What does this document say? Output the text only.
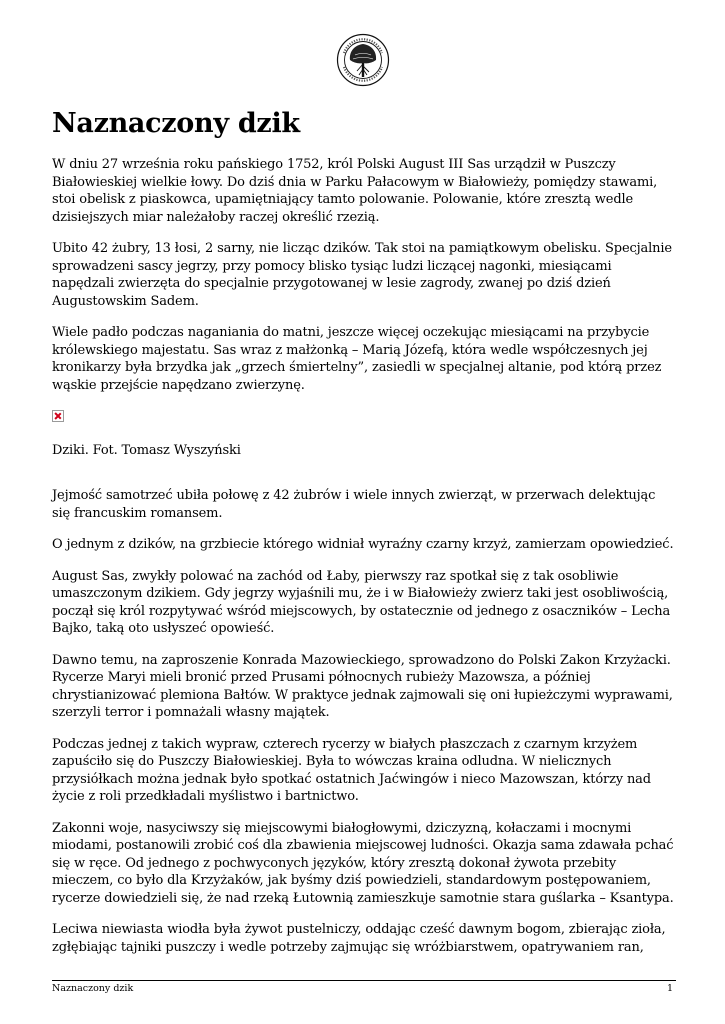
Naznaczony dzik

W dniu 27 września roku pańskiego 1752, król Polski August III Sas urządził w Puszczy Białowieskiej wielkie łowy. Do dziś dnia w Parku Pałacowym w Białowieży, pomiędzy stawami, stoi obelisk z piaskowca, upamiętniający tamto polowanie. Polowanie, które zresztą wedle dzisiejszych miar należałoby raczej określić rzezią.

Ubito 42 żubry, 13 łosi, 2 sarny, nie licząc dzików. Tak stoi na pamiątkowym obelisku. Specjalnie sprowadzeni sascy jegrzy, przy pomocy blisko tysiąc ludzi liczącej nagonki, miesiącami napędzali zwierzęta do specjalnie przygotowanej w lesie zagrody, zwanej po dziś dzień Augustowskim Sadem.

Wiele padło podczas naganiania do matni, jeszcze więcej oczekując miesiącami na przybycie królewskiego majestatu. Sas wraz z małżonką – Marią Józefą, która wedle współczesnych jej kronikarzy była brzydka jak „grzech śmiertelny”, zasiedli w specjalnej altanie, pod którą przez wąskie przejście napędzano zwierzynę.

Dziki. Fot. Tomasz Wyszyński

Jejmość samotrzeć ubiła połowę z 42 żubrów i wiele innych zwierząt, w przerwach delektując się francuskim romansem.

O jednym z dzików, na grzbiecie którego widniał wyraźny czarny krzyż, zamierzam opowiedzieć.

August Sas, zwykły polować na zachód od Łaby, pierwszy raz spotkał się z tak osobliwie umaszczonym dzikiem. Gdy jegrzy wyjaśnili mu, że i w Białowieży zwierz taki jest osobliwością, począł się król rozpytywać wśród miejscowych, by ostatecznie od jednego z osaczników – Lecha Bajko, taką oto usłyszeć opowieść.

Dawno temu, na zaproszenie Konrada Mazowieckiego, sprowadzono do Polski Zakon Krzyżacki. Rycerze Maryi mieli bronić przed Prusami północnych rubieży Mazowsza, a później chrystianizować plemiona Bałtów. W praktyce jednak zajmowali się oni łupieżczymi wyprawami, szerzyli terror i pomnażali własny majątek.

Podczas jednej z takich wypraw, czterech rycerzy w białych płaszczach z czarnym krzyżem zapuściło się do Puszczy Białowieskiej. Była to wówczas kraina odludna. W nielicznych przysiółkach można jednak było spotkać ostatnich Jaćwingów i nieco Mazowszan, którzy nad życie z roli przedkładali myślistwo i bartnictwo.

Zakonni woje, nasyciwszy się miejscowymi białogłowymi, dziczyzną, kołaczami i mocnymi miodami, postanowili zrobić coś dla zbawienia miejscowej ludności. Okazja sama zdawała pchać się w ręce. Od jednego z pochwyconych języków, który zresztą dokonał żywota przebity mieczem, co było dla Krzyżaków, jak byśmy dziś powiedzieli, standardowym postępowaniem, rycerze dowiedzieli się, że nad rzeką Łutownią zamieszkuje samotnie stara guślarka – Ksantypa.

Leciwa niewiasta wiodła była żywot pustelniczy, oddając cześć dawnym bogom, zbierając zioła, zgłębiając tajniki puszczy i wedle potrzeby zajmując się wróżbiarstwem, opatrywaniem ran,

Naznaczony dzik	1
